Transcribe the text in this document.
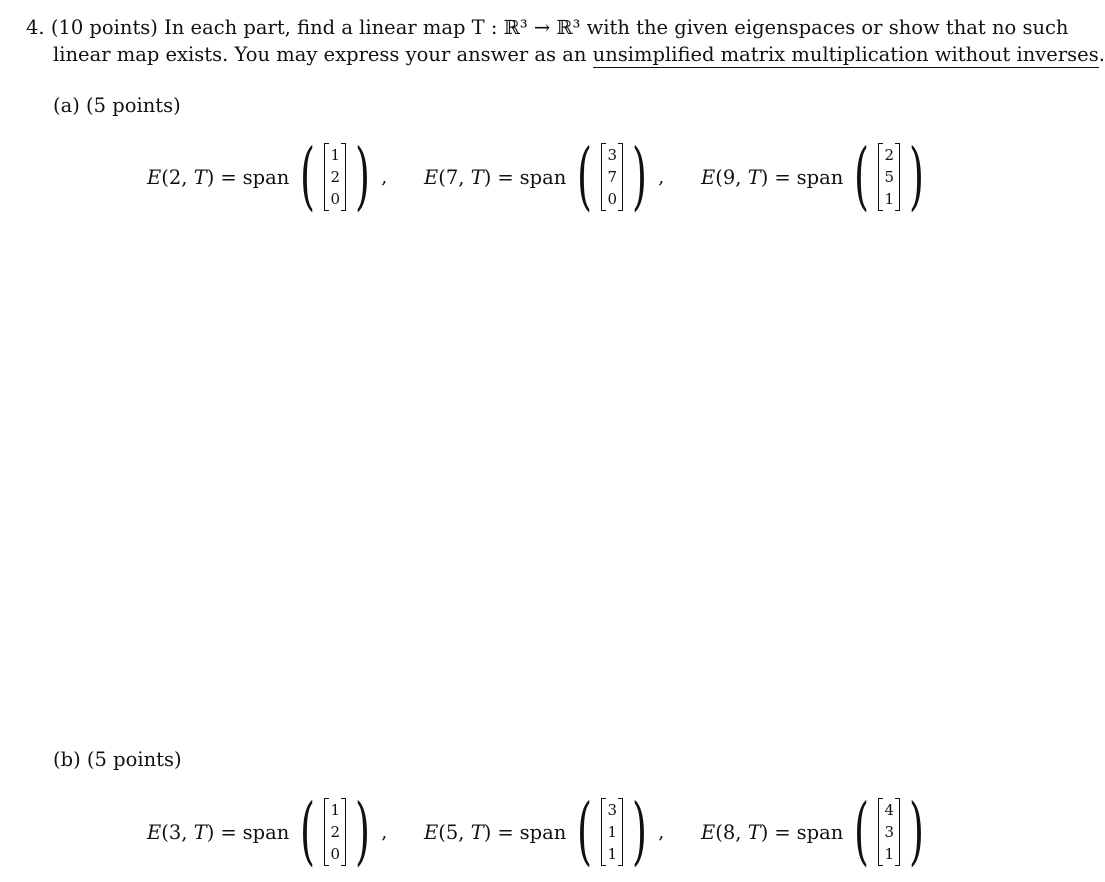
4. (10 points) In each part, find a linear map T : ℝ³ → ℝ³ with the given eigenspaces or show that no such
linear map exists. You may express your answer as an unsimplified matrix multiplication without inverses.
(a) (5 points)
E(2, T) = span ( 1
2
0 ) , E(7, T) = span ( 3
7
0 ) , E(9, T) = span ( 2
5
1 )
(b) (5 points)
E(3, T) = span ( 1
2
0 ) , E(5, T) = span ( 3
1
1 ) , E(8, T) = span ( 4
3
1 )
